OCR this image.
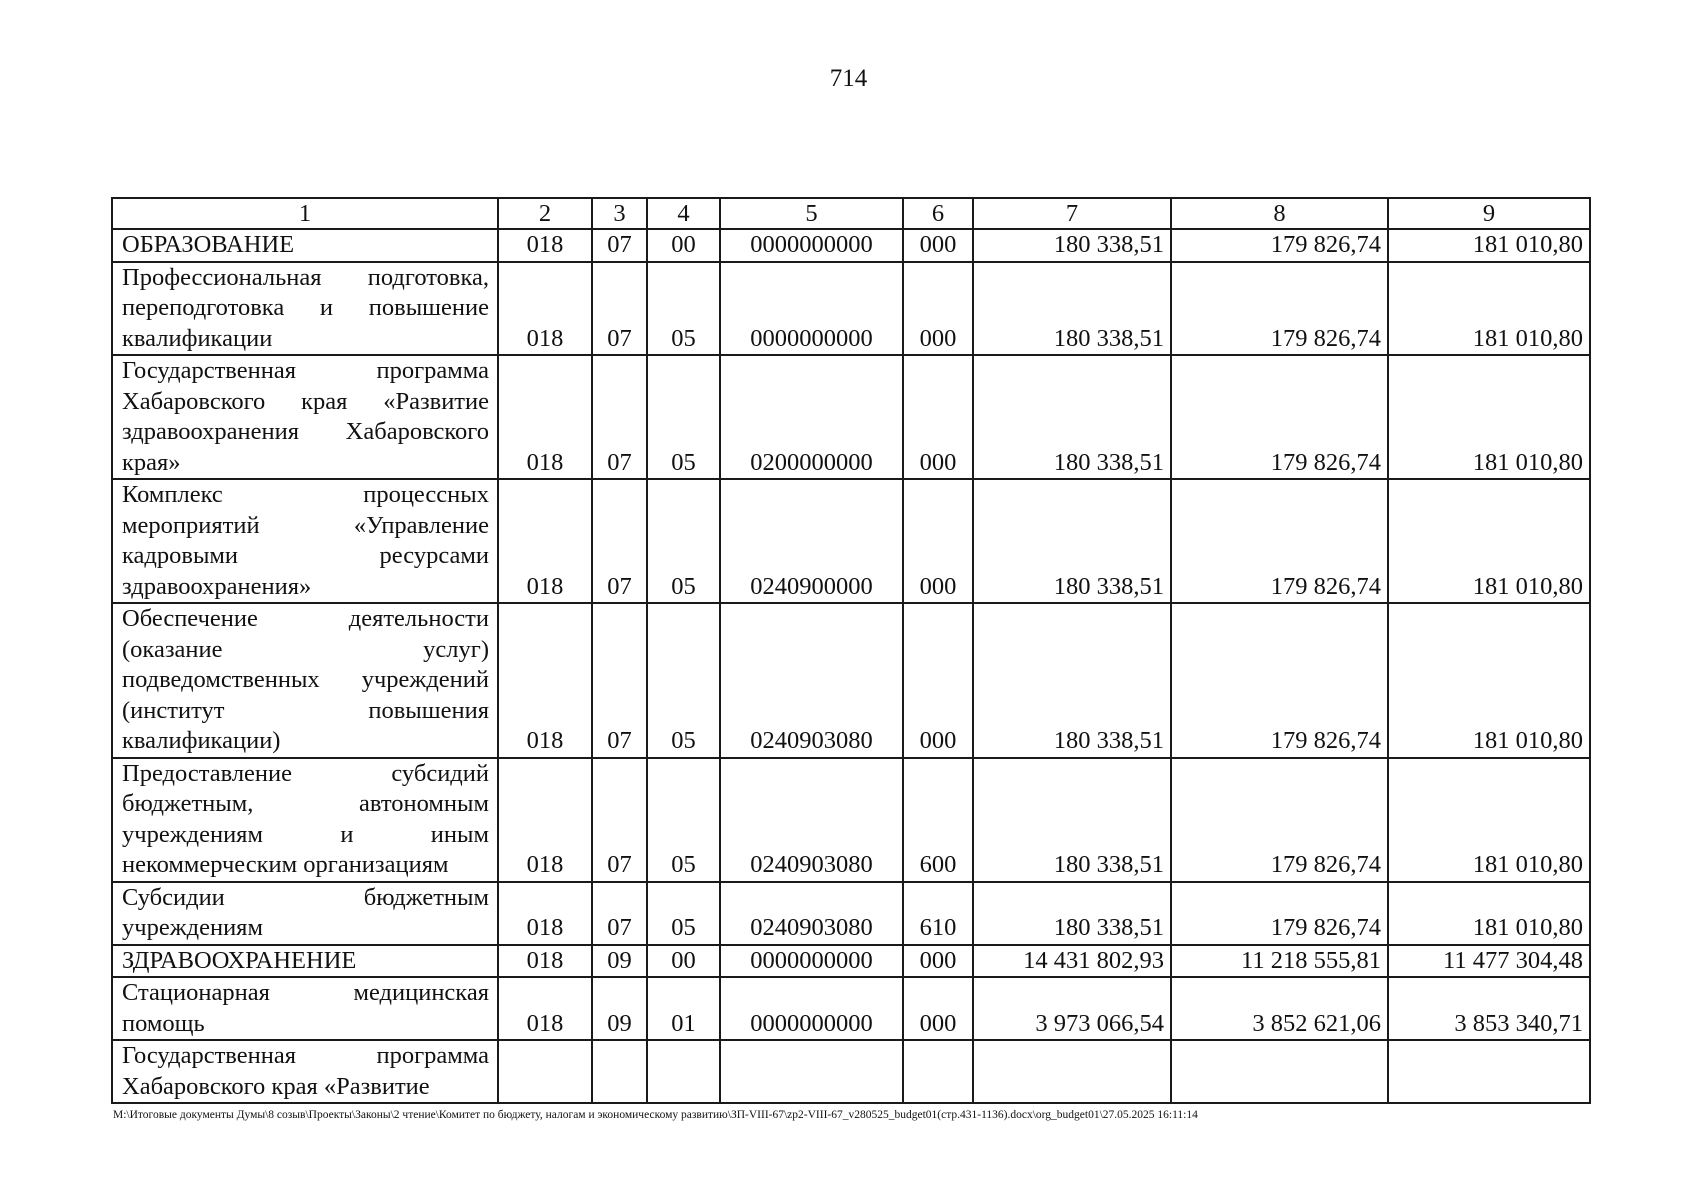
714
1	2	3	4	5	6	7	8	9
ОБРАЗОВАНИЕ	018	07	00	0000000000	000	180 338,51	179 826,74	181 010,80
Профессиональная подготовка, переподготовка и повышение квалификации	018	07	05	0000000000	000	180 338,51	179 826,74	181 010,80
Государственная программа Хабаровского края «Развитие здравоохранения Хабаровского края»	018	07	05	0200000000	000	180 338,51	179 826,74	181 010,80
Комплекс процессных мероприятий «Управление кадровыми ресурсами здравоохранения»	018	07	05	0240900000	000	180 338,51	179 826,74	181 010,80
Обеспечение деятельности (оказание услуг) подведомственных учреждений (институт повышения квалификации)	018	07	05	0240903080	000	180 338,51	179 826,74	181 010,80
Предоставление субсидий бюджетным, автономным учреждениям и иным некоммерческим организациям	018	07	05	0240903080	600	180 338,51	179 826,74	181 010,80
Субсидии бюджетным учреждениям	018	07	05	0240903080	610	180 338,51	179 826,74	181 010,80
ЗДРАВООХРАНЕНИЕ	018	09	00	0000000000	000	14 431 802,93	11 218 555,81	11 477 304,48
Стационарная медицинская помощь	018	09	01	0000000000	000	3 973 066,54	3 852 621,06	3 853 340,71
Государственная программа Хабаровского края «Развитие								
M:\Итоговые документы Думы\8 созыв\Проекты\Законы\2 чтение\Комитет по бюджету, налогам и экономическому развитию\ЗП-VIII-67\zp2-VIII-67_v280525_budget01(стр.431-1136).docx\org_budget01\27.05.2025 16:11:14
